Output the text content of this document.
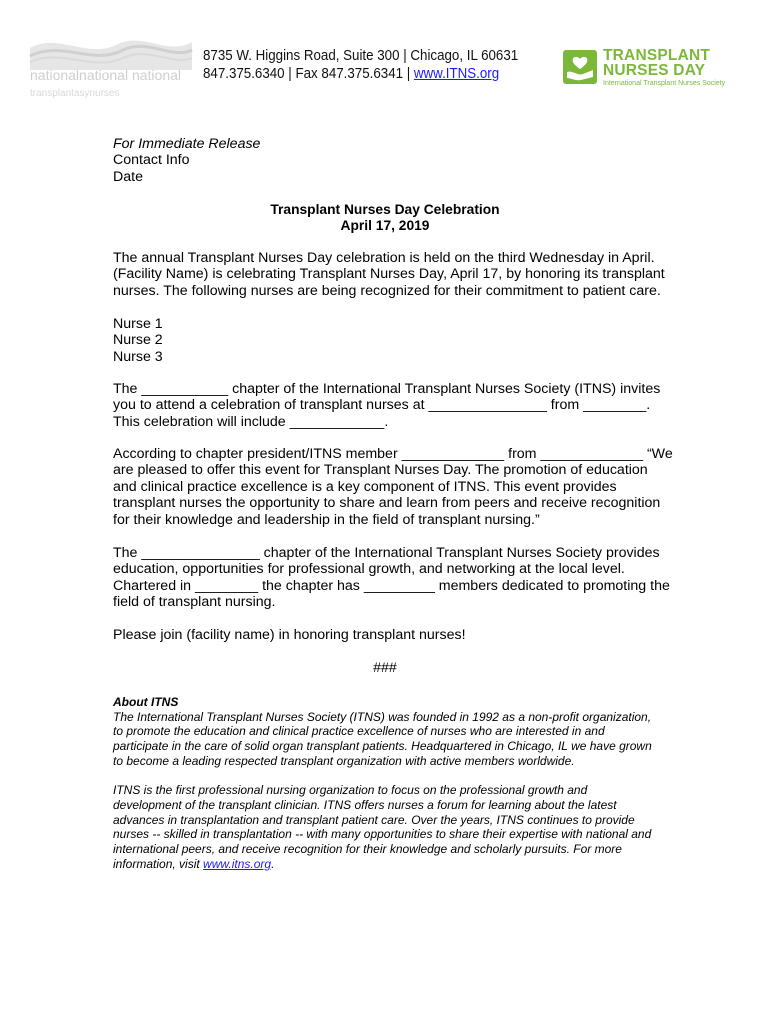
nationalnational national
transplantasynurses
8735 W. Higgins Road, Suite 300 | Chicago, IL 60631
847.375.6340 | Fax 847.375.6341 | www.ITNS.org
TRANSPLANT
NURSES DAY
International Transplant Nurses Society
For Immediate Release
Contact Info
Date
Transplant Nurses Day Celebration
April 17, 2019

The annual Transplant Nurses Day celebration is held on the third Wednesday in April. (Facility Name) is celebrating Transplant Nurses Day, April 17, by honoring its transplant nurses. The following nurses are being recognized for their commitment to patient care.

Nurse 1
Nurse 2
Nurse 3

The ___________ chapter of the International Transplant Nurses Society (ITNS) invites you to attend a celebration of transplant nurses at _______________ from ________. This celebration will include ____________.

According to chapter president/ITNS member _____________ from _____________ “We are pleased to offer this event for Transplant Nurses Day. The promotion of education and clinical practice excellence is a key component of ITNS. This event provides transplant nurses the opportunity to share and learn from peers and receive recognition for their knowledge and leadership in the field of transplant nursing.”

The _______________ chapter of the International Transplant Nurses Society provides education, opportunities for professional growth, and networking at the local level. Chartered in ________ the chapter has _________ members dedicated to promoting the field of transplant nursing.

Please join (facility name) in honoring transplant nurses!

###
About ITNS
The International Transplant Nurses Society (ITNS) was founded in 1992 as a non-profit organization, to promote the education and clinical practice excellence of nurses who are interested in and participate in the care of solid organ transplant patients. Headquartered in Chicago, IL we have grown to become a leading respected transplant organization with active members worldwide.
ITNS is the first professional nursing organization to focus on the professional growth and development of the transplant clinician. ITNS offers nurses a forum for learning about the latest advances in transplantation and transplant patient care. Over the years, ITNS continues to provide nurses -- skilled in transplantation -- with many opportunities to share their expertise with national and international peers, and receive recognition for their knowledge and scholarly pursuits. For more information, visit www.itns.org.
